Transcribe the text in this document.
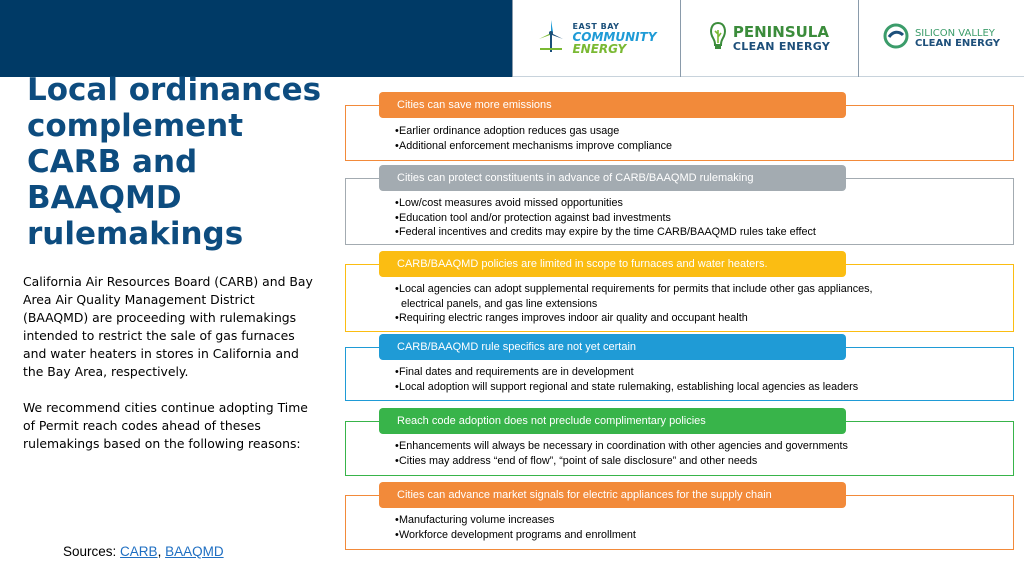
EAST BAY
COMMUNITY
ENERGY
PENINSULA
CLEAN ENERGY
SILICON VALLEY
CLEAN ENERGY
Local ordinances complement CARB and BAAQMD rulemakings

California Air Resources Board (CARB) and Bay Area Air Quality Management District (BAAQMD) are proceeding with rulemakings intended to restrict the sale of gas furnaces and water heaters in stores in California and the Bay Area, respectively.

We recommend cities continue adopting Time of Permit reach codes ahead of theses rulemakings based on the following reasons:

Sources: CARB, BAAQMD
Cities can save more emissions
•Earlier ordinance adoption reduces gas usage
•Additional enforcement mechanisms improve compliance
Cities can protect constituents in advance of CARB/BAAQMD rulemaking
•Low/cost measures avoid missed opportunities
•Education tool and/or protection against bad investments
•Federal incentives and credits may expire by the time CARB/BAAQMD rules take effect
CARB/BAAQMD policies are limited in scope to furnaces and water heaters.
•Local agencies can adopt supplemental requirements for permits that include other gas appliances,
electrical panels, and gas line extensions
•Requiring electric ranges improves indoor air quality and occupant health
CARB/BAAQMD rule specifics are not yet certain
•Final dates and requirements are in development
•Local adoption will support regional and state rulemaking, establishing local agencies as leaders
Reach code adoption does not preclude complimentary policies
•Enhancements will always be necessary in coordination with other agencies and governments
•Cities may address “end of flow”, “point of sale disclosure” and other needs
Cities can advance market signals for electric appliances for the supply chain
•Manufacturing volume increases
•Workforce development programs and enrollment
